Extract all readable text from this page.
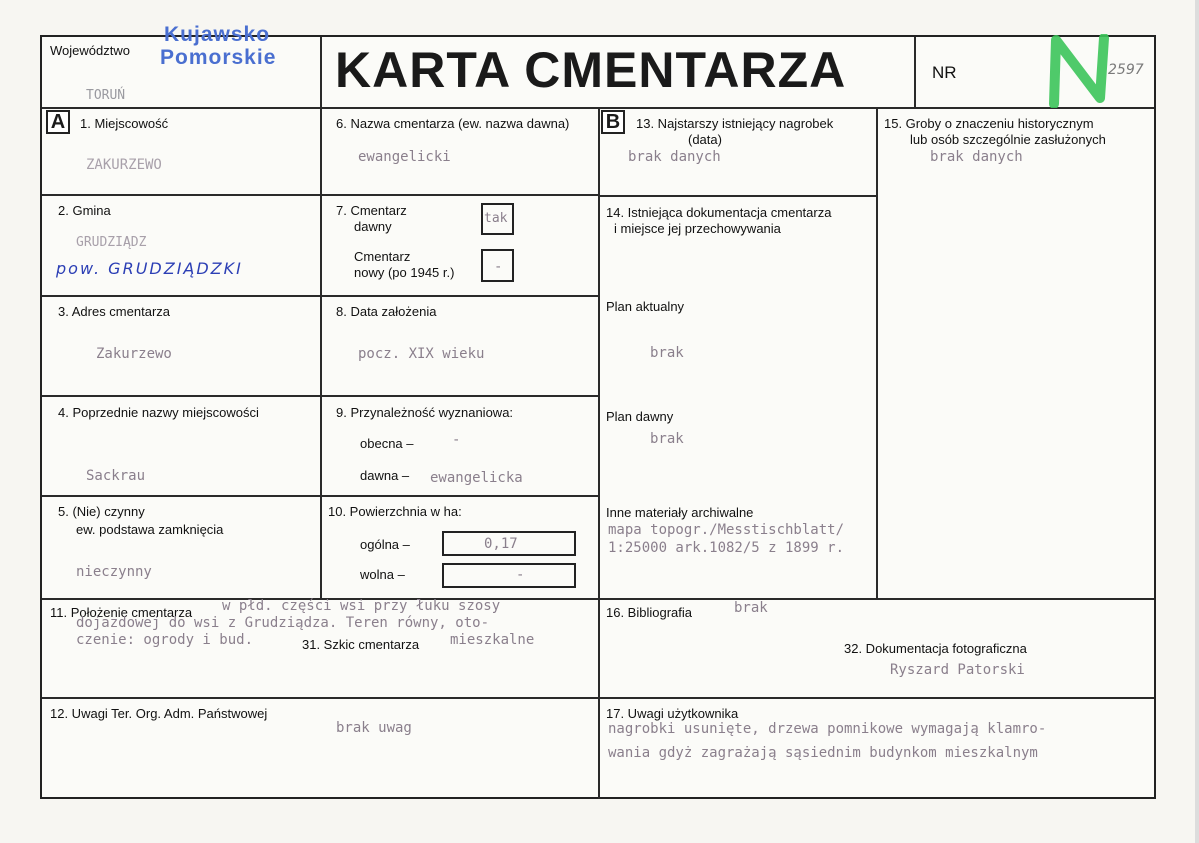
Województwo
Kujawsko
Pomorskie
TORUŃ	KARTA CMENTARZA	NR
A	B
1. Miejscowość
ZAKURZEWO
2. Gmina
GRUDZIĄDZ
pow. GRUDZIĄDZKI
3. Adres cmentarza
Zakurzewo
4. Poprzednie nazwy miejscowości
Sackrau
5. (Nie) czynny
ew. podstawa zamknięcia
nieczynny
6. Nazwa cmentarza (ew. nazwa dawna)
ewangelicki
7. Cmentarz
dawny
tak
Cmentarz
nowy (po 1945 r.)	-
8. Data założenia
pocz. XIX wieku
9. Przynależność wyznaniowa:
obecna –	-
dawna – ewangelicka
10. Powierzchnia w ha:
ogólna –	0,17
wolna –	-
11. Położenie cmentarza w płd. części wsi przy łuku szosy
dojazdowej do wsi z Grudziądza. Teren równy, oto-
czenie: ogrody i bud.	31. Szkic cmentarza mieszkalne
12. Uwagi Ter. Org. Adm. Państwowej
brak uwag
13. Najstarszy istniejący nagrobek
(data)
brak danych
14. Istniejąca dokumentacja cmentarza
i miejsce jej przechowywania
Plan aktualny
brak
Plan dawny
brak
Inne materiały archiwalne
mapa topogr./Messtischblatt/
1:25000 ark.1082/5 z 1899 r.
15. Groby o znaczeniu historycznym
lub osób szczególnie zasłużonych
brak danych
16. Bibliografia	brak
32. Dokumentacja fotograficzna
Ryszard Patorski
17. Uwagi użytkownika
nagrobki usunięte, drzewa pomnikowe wymagają klamro-
wania gdyż zagrażają sąsiednim budynkom mieszkalnym
2597
